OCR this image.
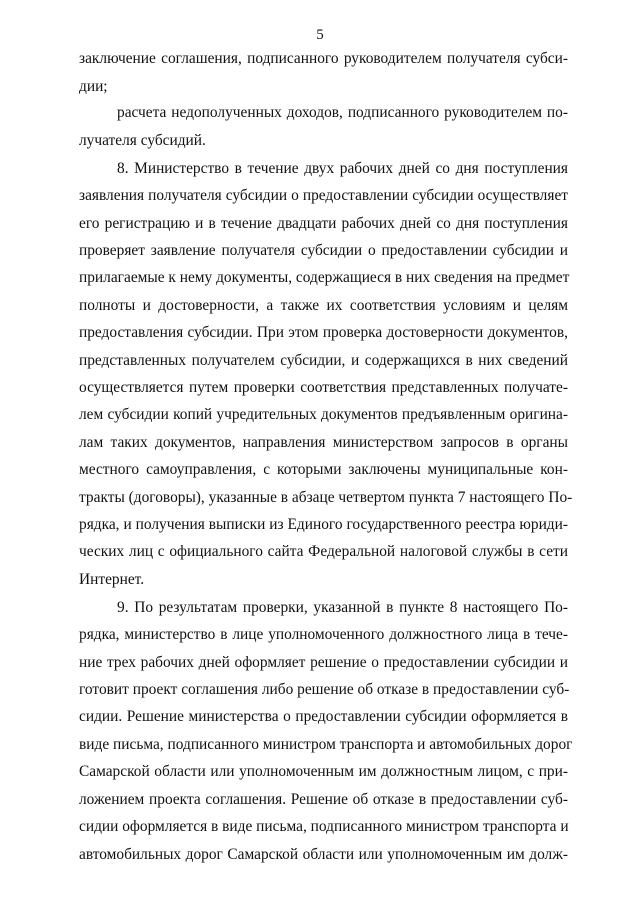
5
заключение соглашения, подписанного руководителем получателя субси-
дии;
расчета недополученных доходов, подписанного руководителем по-
лучателя субсидий.
8. Министерство в течение двух рабочих дней со дня поступления
заявления получателя субсидии о предоставлении субсидии осуществляет
его регистрацию и в течение двадцати рабочих дней со дня поступления
проверяет заявление получателя субсидии о предоставлении субсидии и
прилагаемые к нему документы, содержащиеся в них сведения на предмет
полноты и достоверности, а также их соответствия условиям и целям
предоставления субсидии. При этом проверка достоверности документов,
представленных получателем субсидии, и содержащихся в них сведений
осуществляется путем проверки соответствия представленных получате-
лем субсидии копий учредительных документов предъявленным оригина-
лам таких документов, направления министерством запросов в органы
местного самоуправления, с которыми заключены муниципальные кон-
тракты (договоры), указанные в абзаце четвертом пункта 7 настоящего По-
рядка, и получения выписки из Единого государственного реестра юриди-
ческих лиц с официального сайта Федеральной налоговой службы в сети
Интернет.
9. По результатам проверки, указанной в пункте 8 настоящего По-
рядка, министерство в лице уполномоченного должностного лица в тече-
ние трех рабочих дней оформляет решение о предоставлении субсидии и
готовит проект соглашения либо решение об отказе в предоставлении суб-
сидии. Решение министерства о предоставлении субсидии оформляется в
виде письма, подписанного министром транспорта и автомобильных дорог
Самарской области или уполномоченным им должностным лицом, с при-
ложением проекта соглашения. Решение об отказе в предоставлении суб-
сидии оформляется в виде письма, подписанного министром транспорта и
автомобильных дорог Самарской области или уполномоченным им долж-
